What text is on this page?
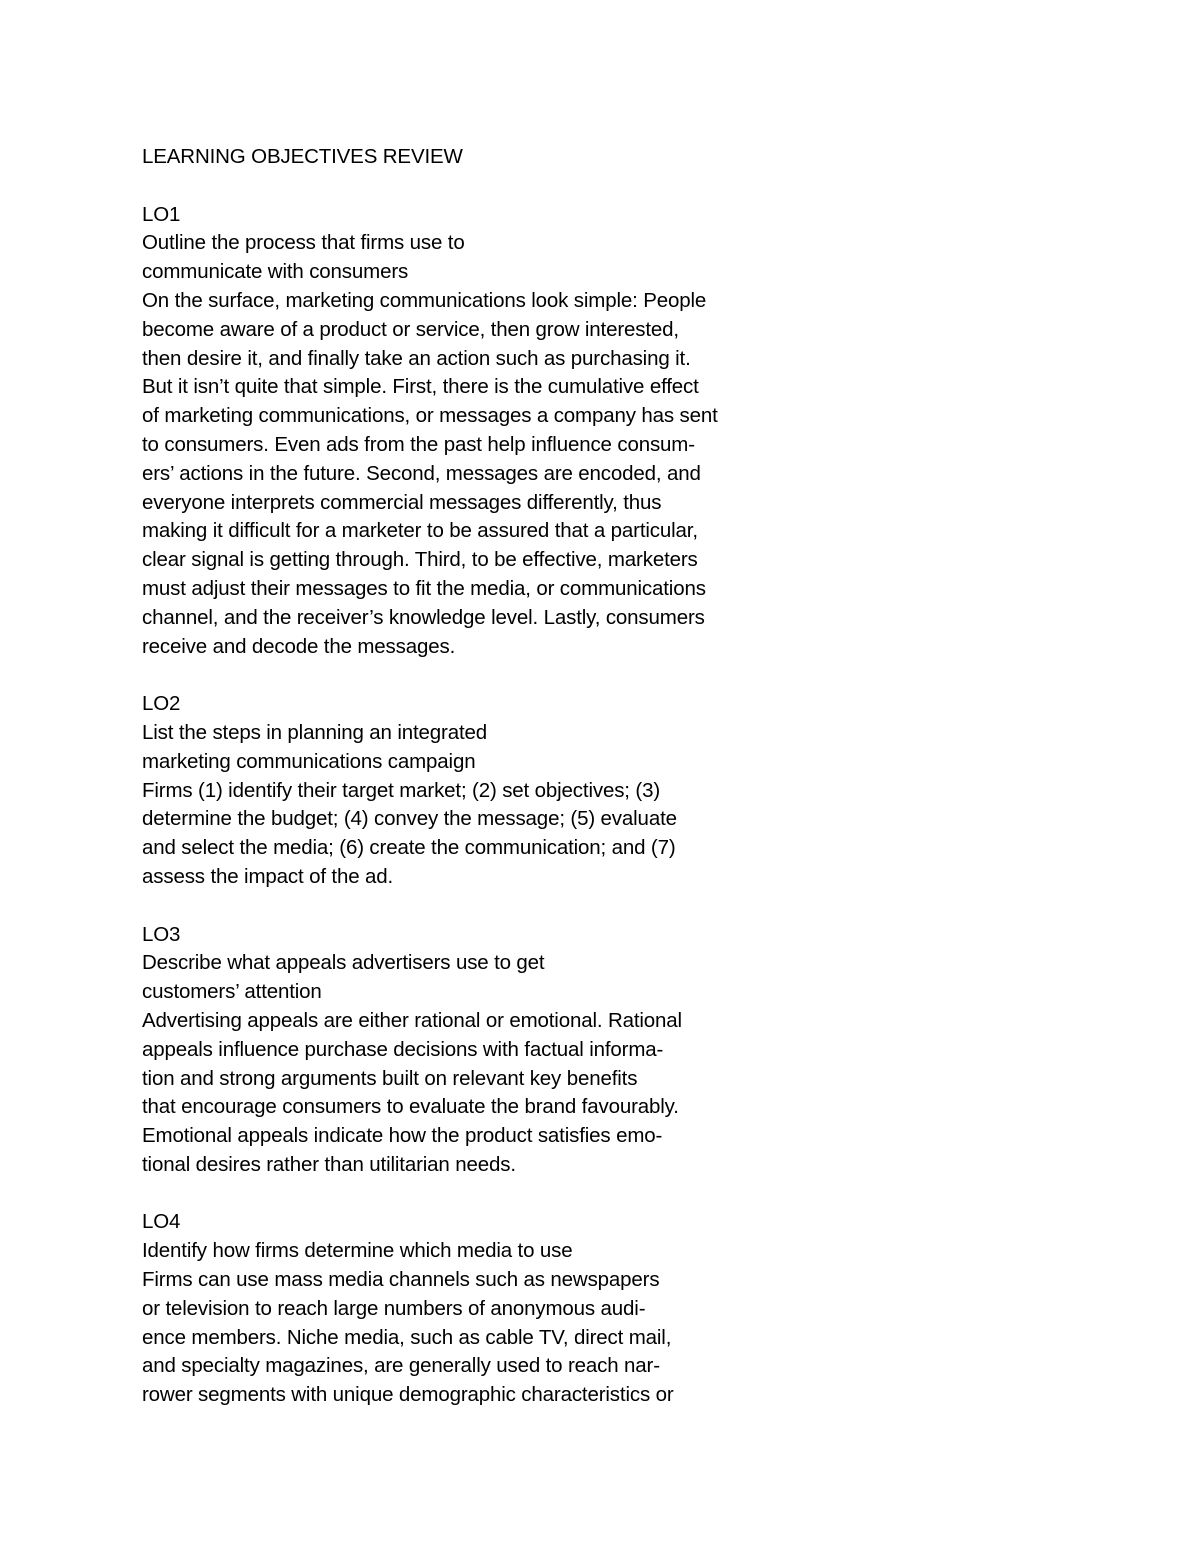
LEARNING OBJECTIVES REVIEW
LO1
Outline the process that firms use to
communicate with consumers
On the surface, marketing communications look simple: People
become aware of a product or service, then grow interested,
then desire it, and finally take an action such as purchasing it.
But it isn’t quite that simple. First, there is the cumulative effect
of marketing communications, or messages a company has sent
to consumers. Even ads from the past help influence consum-
ers’ actions in the future. Second, messages are encoded, and
everyone interprets commercial messages differently, thus
making it difficult for a marketer to be assured that a particular,
clear signal is getting through. Third, to be effective, marketers
must adjust their messages to fit the media, or communications
channel, and the receiver’s knowledge level. Lastly, consumers
receive and decode the messages.
LO2
List the steps in planning an integrated
marketing communications campaign
Firms (1) identify their target market; (2) set objectives; (3)
determine the budget; (4) convey the message; (5) evaluate
and select the media; (6) create the communication; and (7)
assess the impact of the ad.
LO3
Describe what appeals advertisers use to get
customers’ attention
Advertising appeals are either rational or emotional. Rational
appeals influence purchase decisions with factual informa-
tion and strong arguments built on relevant key benefits
that encourage consumers to evaluate the brand favourably.
Emotional appeals indicate how the product satisfies emo-
tional desires rather than utilitarian needs.
LO4
Identify how firms determine which media to use
Firms can use mass media channels such as newspapers
or television to reach large numbers of anonymous audi-
ence members. Niche media, such as cable TV, direct mail,
and specialty magazines, are generally used to reach nar-
rower segments with unique demographic characteristics or
